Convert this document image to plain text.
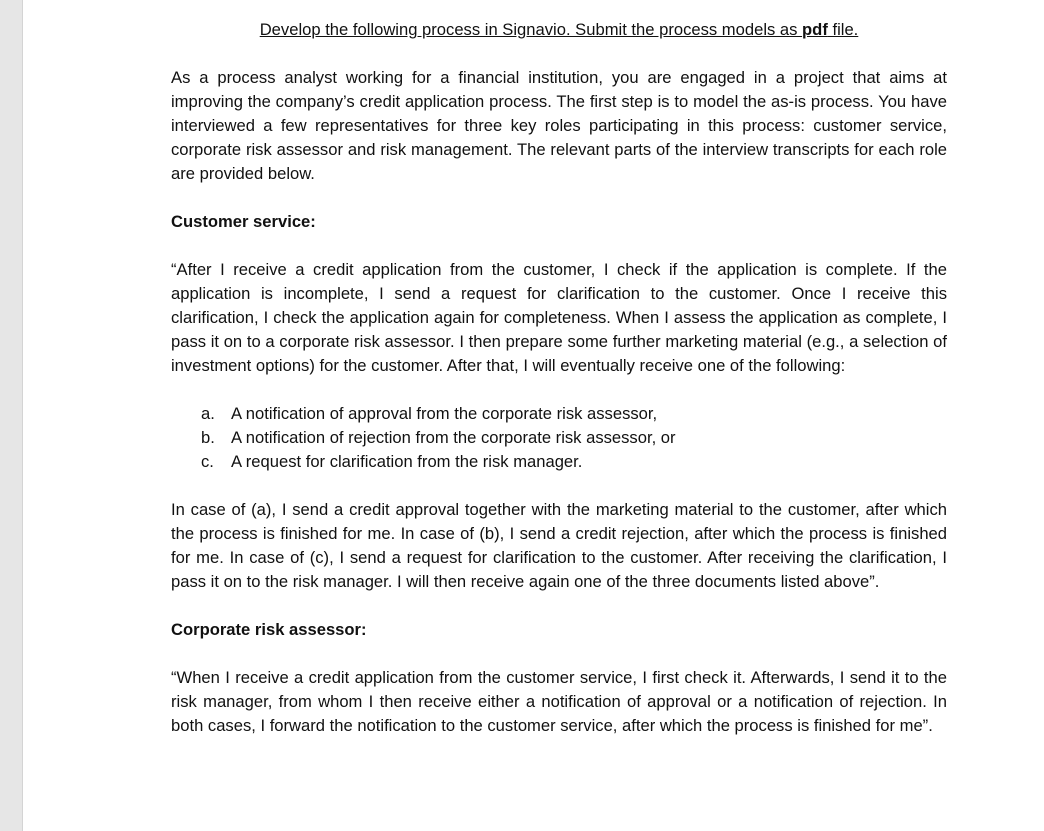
Develop the following process in Signavio. Submit the process models as pdf file.

As a process analyst working for a financial institution, you are engaged in a project that aims at improving the company’s credit application process. The first step is to model the as-is process. You have interviewed a few representatives for three key roles participating in this process: customer service, corporate risk assessor and risk management. The relevant parts of the interview transcripts for each role are provided below.

Customer service:

“After I receive a credit application from the customer, I check if the application is complete. If the application is incomplete, I send a request for clarification to the customer. Once I receive this clarification, I check the application again for completeness. When I assess the application as complete, I pass it on to a corporate risk assessor. I then prepare some further marketing material (e.g., a selection of investment options) for the customer. After that, I will eventually receive one of the following:

a. A notification of approval from the corporate risk assessor,
b. A notification of rejection from the corporate risk assessor, or
c.	A request for clarification from the risk manager.

In case of (a), I send a credit approval together with the marketing material to the customer, after which the process is finished for me. In case of (b), I send a credit rejection, after which the process is finished for me. In case of (c), I send a request for clarification to the customer. After receiving the clarification, I pass it on to the risk manager. I will then receive again one of the three documents listed above”.

Corporate risk assessor:

“When I receive a credit application from the customer service, I first check it. Afterwards, I send it to the risk manager, from whom I then receive either a notification of approval or a notification of rejection. In both cases, I forward the notification to the customer service, after which the process is finished for me”.
